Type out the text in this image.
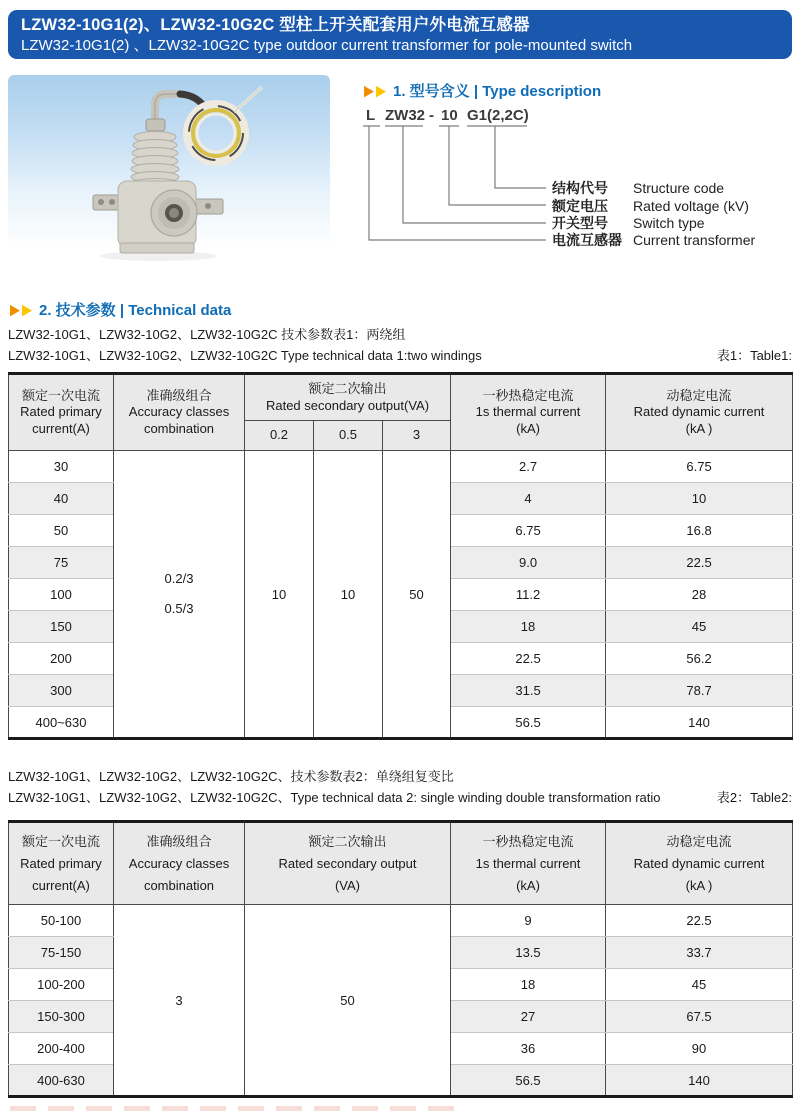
LZW32-10G1(2)、LZW32-10G2C 型柱上开关配套用户外电流互感器
LZW32-10G1(2) 、LZW32-10G2C type outdoor current transformer for pole-mounted switch
▶ ▶ 1. 型号含义 | Type description
L ZW32 - 10 G1(2,2C)
结构代号 Structure code
额定电压 Rated voltage (kV)
开关型号 Switch type
电流互感器 Current transformer
▶ ▶ 2. 技术参数 | Technical data
LZW32-10G1、LZW32-10G2、LZW32-10G2C 技术参数表1：两绕组
LZW32-10G1、LZW32-10G2、LZW32-10G2C Type technical data 1:two windings	表1：Table1:
额定一次电流
Rated primary
current(A)	准确级组合
Accuracy classes
combination	额定二次输出
Rated secondary output(VA)			一秒热稳定电流
1s thermal current
(kA)	动稳定电流
Rated dynamic current
(kA )
		0.2	0.5	3		
30	0.2/3
0.5/3	10	10	50	2.7	6.75
40					4	10
50					6.75	16.8
75					9.0	22.5
100					11.2	28
150					18	45
200					22.5	56.2
300					31.5	78.7
400~630					56.5	140
LZW32-10G1、LZW32-10G2、LZW32-10G2C、技术参数表2：单绕组复变比
LZW32-10G1、LZW32-10G2、LZW32-10G2C、Type technical data 2: single winding double transformation ratio	表2：Table2:
额定一次电流
Rated primary
current(A)	准确级组合
Accuracy classes
combination	额定二次输出
Rated secondary output
(VA)	一秒热稳定电流
1s thermal current
(kA)	动稳定电流
Rated dynamic current
(kA )
50-100	3	50	9	22.5
75-150			13.5	33.7
100-200			18	45
150-300			27	67.5
200-400			36	90
400-630			56.5	140
